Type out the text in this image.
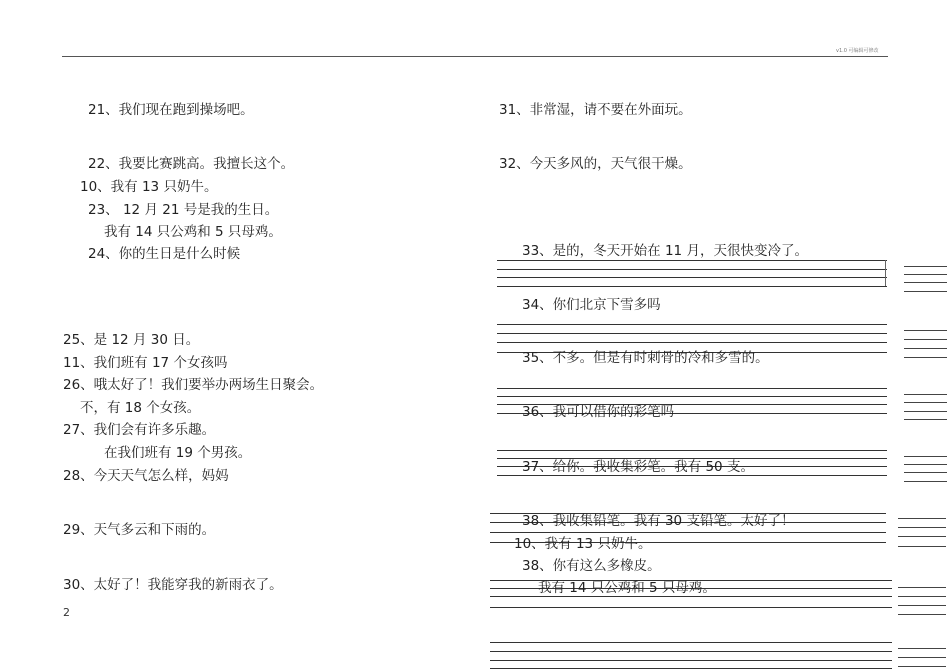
v1.0 可编辑可修改
21、我们现在跑到操场吧。
22、我要比赛跳高。我擅长这个。
10、我有 13 只奶牛。
23、 12 月 21 号是我的生日。
我有 14 只公鸡和 5 只母鸡。
24、你的生日是什么时候
25、是 12 月 30 日。
11、我们班有 17 个女孩吗
26、哦太好了！我们要举办两场生日聚会。
不，有 18 个女孩。
27、我们会有许多乐趣。
在我们班有 19 个男孩。
28、今天天气怎么样，妈妈
29、天气多云和下雨的。
30、太好了！我能穿我的新雨衣了。
2
31、非常湿，请不要在外面玩。
32、今天多风的，天气很干燥。
33、是的，冬天开始在 11 月，天很快变冷了。
34、你们北京下雪多吗
35、不多。但是有时刺骨的冷和多雪的。
36、我可以借你的彩笔吗
37、给你。我收集彩笔。我有 50 支。
38、我收集铅笔。我有 30 支铅笔。太好了！
10、我有 13 只奶牛。
38、你有这么多橡皮。
我有 14 只公鸡和 5 只母鸡。
